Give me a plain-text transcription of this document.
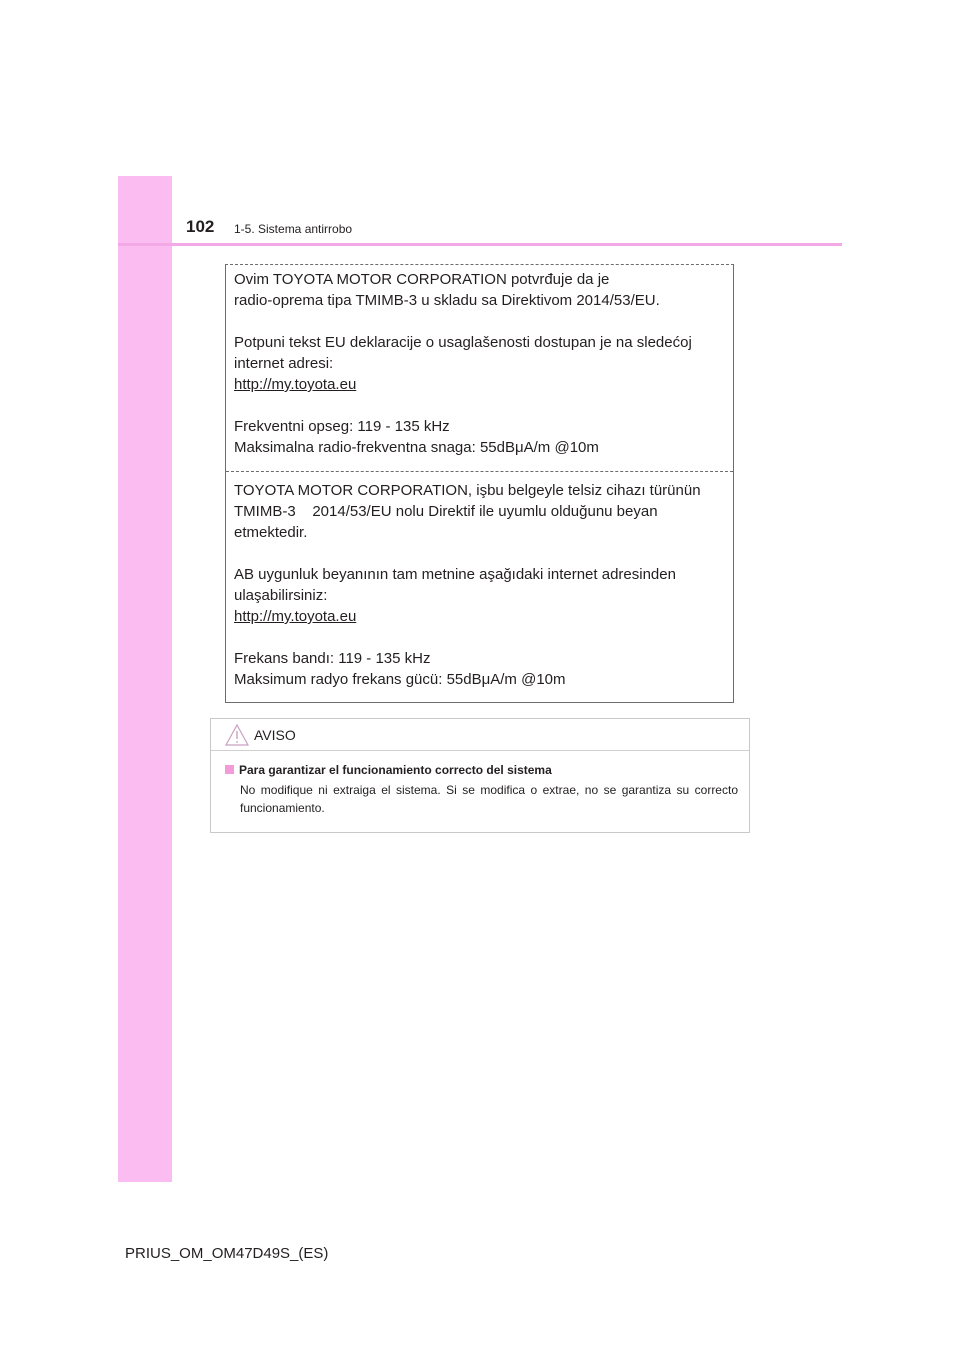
102 1-5. Sistema antirrobo

Ovim TOYOTA MOTOR CORPORATION potvrđuje da je

radio-oprema tipa TMIMB-3 u skladu sa Direktivom 2014/53/EU.

Potpuni tekst EU deklaracije o usaglašenosti dostupan je na sledećoj

internet adresi:

http://my.toyota.eu

Frekventni opseg: 119 - 135 kHz

Maksimalna radio-frekventna snaga: 55dBμA/m @10m

TOYOTA MOTOR CORPORATION, işbu belgeyle telsiz cihazı türünün

TMIMB-3    2014/53/EU nolu Direktif ile uyumlu olduğunu beyan

etmektedir.

AB uygunluk beyanının tam metnine aşağıdaki internet adresinden

ulaşabilirsiniz:

http://my.toyota.eu

Frekans bandı: 119 - 135 kHz

Maksimum radyo frekans gücü: 55dBμA/m @10m

AVISO
Para garantizar el funcionamiento correcto del sistema
No modifique ni extraiga el sistema. Si se modifica o extrae, no se garantiza su correcto funcionamiento.
PRIUS_OM_OM47D49S_(ES)
